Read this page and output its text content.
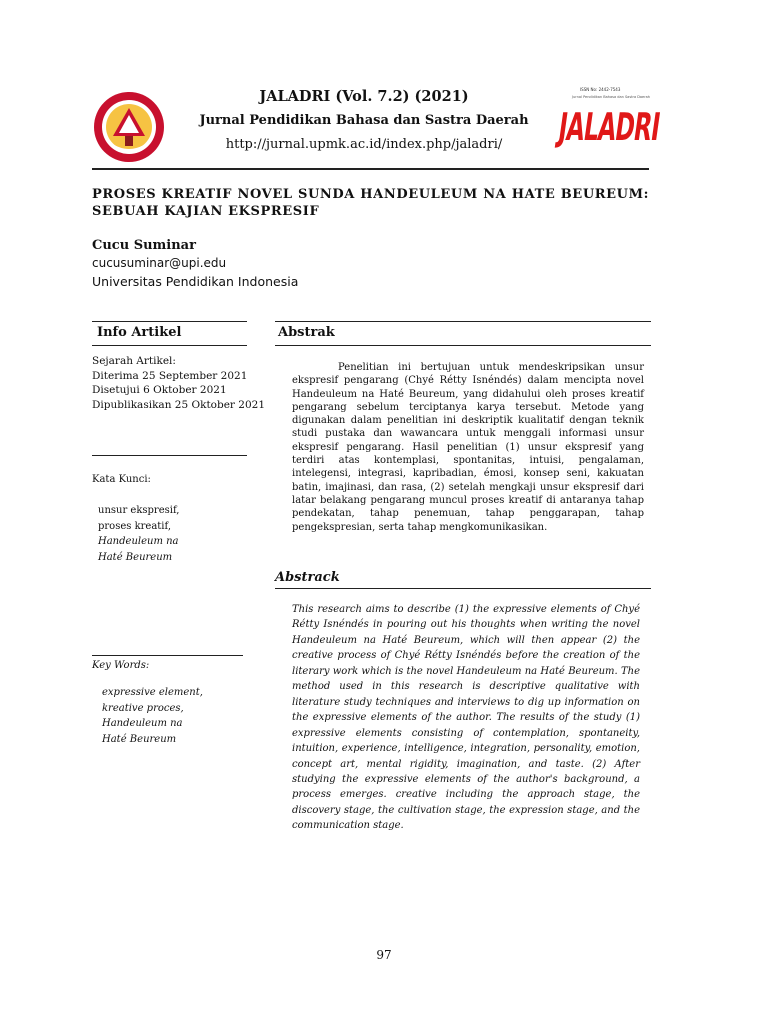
JALADRI (Vol. 7.2) (2021)
Jurnal Pendidikan Bahasa dan Sastra Daerah
http://jurnal.upmk.ac.id/index.php/jaladri/
ISSN No: 2442-7543
Jurnal Pendidikan Bahasa dan Sastra Daerah
JALADRI
PROSES KREATIF NOVEL SUNDA HANDEULEUM NA HATE BEUREUM: SEBUAH KAJIAN EKSPRESIF
Cucu Suminar
cucusuminar@upi.edu
Universitas Pendidikan Indonesia
Info Artikel
Sejarah Artikel:
Diterima 25 September 2021
Disetujui 6 Oktober 2021
Dipublikasikan 25 Oktober 2021
Kata Kunci:
unsur ekspresif,
proses kreatif,
Handeuleum na
Haté Beureum
Key Words:
expressive element,
kreative proces,
Handeuleum na
Haté Beureum
Abstrak
Penelitian ini bertujuan untuk mendeskripsikan unsur ekspresif pengarang (Chyé Rétty Isnéndés) dalam mencipta novel Handeuleum na Haté Beureum, yang didahului oleh proses kreatif pengarang sebelum terciptanya karya tersebut. Metode yang digunakan dalam penelitian ini deskriptik kualitatif dengan teknik studi pustaka dan wawancara untuk menggali informasi unsur ekspresif pengarang. Hasil penelitian (1) unsur ekspresif yang terdiri atas kontemplasi, spontanitas, intuisi, pengalaman, intelegensi, integrasi, kapribadian, émosi, konsep seni, kakuatan batin, imajinasi, dan rasa, (2) setelah mengkaji unsur ekspresif dari latar belakang pengarang muncul proses kreatif di antaranya tahap pendekatan, tahap penemuan, tahap penggarapan, tahap pengekspresian, serta tahap mengkomunikasikan.
Abstrack
This research aims to describe (1) the expressive elements of Chyé Rétty Isnéndés in pouring out his thoughts when writing the novel Handeuleum na Haté Beureum, which will then appear (2) the creative process of Chyé Rétty Isnéndés before the creation of the literary work which is the novel Handeuleum na Haté Beureum. The method used in this research is descriptive qualitative with literature study techniques and interviews to dig up information on the expressive elements of the author. The results of the study (1) expressive elements consisting of contemplation, spontaneity, intuition, experience, intelligence, integration, personality, emotion, concept art, mental rigidity, imagination, and taste. (2) After studying the expressive elements of the author's background, a process emerges. creative including the approach stage, the discovery stage, the cultivation stage, the expression stage, and the communication stage.
97
